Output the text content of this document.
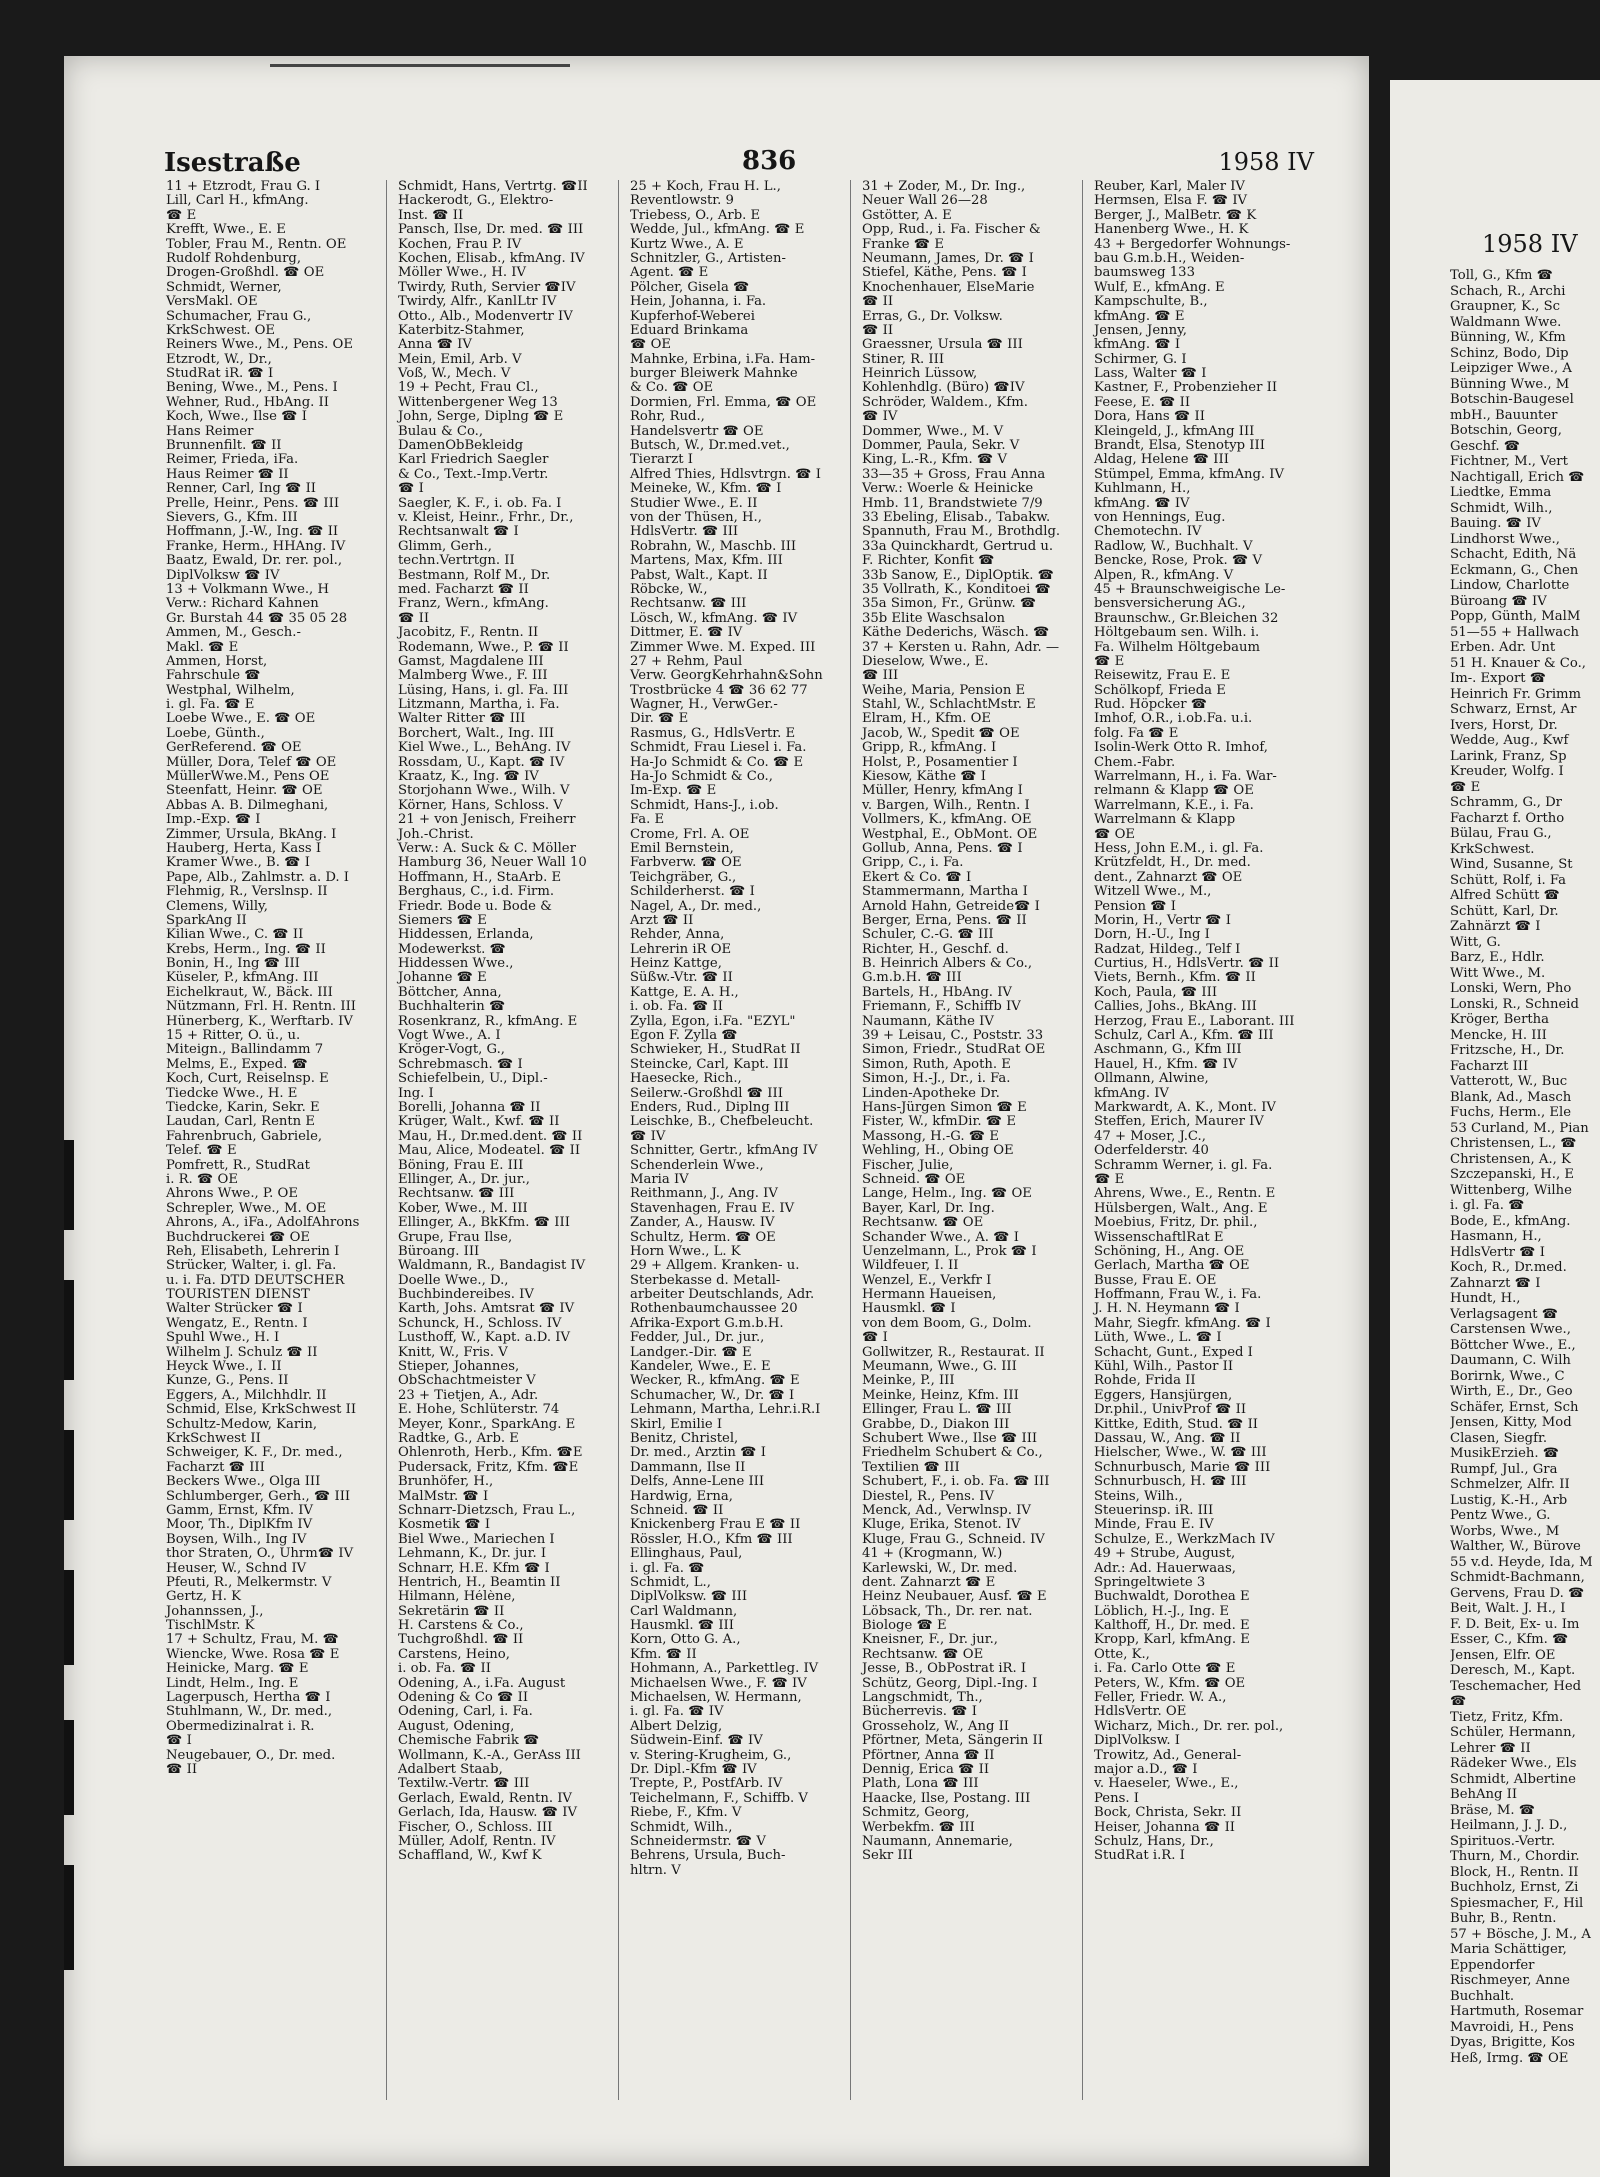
Isestraße	836	1958 IV
11 + Etzrodt, Frau G. I
Lill, Carl H., kfmAng.
☎ E
Krefft, Wwe., E. E
Tobler, Frau M., Rentn. OE
Rudolf Rohdenburg,
Drogen-Großhdl. ☎ OE
Schmidt, Werner,
VersMakl. OE
Schumacher, Frau G.,
KrkSchwest. OE
Reiners Wwe., M., Pens. OE
Etzrodt, W., Dr.,
StudRat iR. ☎ I
Bening, Wwe., M., Pens. I
Wehner, Rud., HbAng. II
Koch, Wwe., Ilse ☎ I
Hans Reimer
Brunnenfilt. ☎ II
Reimer, Frieda, iFa.
Haus Reimer ☎ II
Renner, Carl, Ing ☎ II
Prelle, Heinr., Pens. ☎ III
Sievers, G., Kfm. III
Hoffmann, J.-W., Ing. ☎ II
Franke, Herm., HHAng. IV
Baatz, Ewald, Dr. rer. pol.,
DiplVolksw ☎ IV
13 + Volkmann Wwe., H
Verw.: Richard Kahnen
Gr. Burstah 44 ☎ 35 05 28
Ammen, M., Gesch.-
Makl. ☎ E
Ammen, Horst,
Fahrschule ☎
Westphal, Wilhelm,
i. gl. Fa. ☎ E
Loebe Wwe., E. ☎ OE
Loebe, Günth.,
GerReferend. ☎ OE
Müller, Dora, Telef ☎ OE
MüllerWwe.M., Pens OE
Steenfatt, Heinr. ☎ OE
Abbas A. B. Dilmeghani,
Imp.-Exp. ☎ I
Zimmer, Ursula, BkAng. I
Hauberg, Herta, Kass I
Kramer Wwe., B. ☎ I
Pape, Alb., Zahlmstr. a. D. I
Flehmig, R., Verslnsp. II
Clemens, Willy,
SparkAng II
Kilian Wwe., C. ☎ II
Krebs, Herm., Ing. ☎ II
Bonin, H., Ing ☎ III
Küseler, P., kfmAng. III
Eichelkraut, W., Bäck. III
Nützmann, Frl. H. Rentn. III
Hünerberg, K., Werftarb. IV
15 + Ritter, O. ü., u.
Miteign., Ballindamm 7
Melms, E., Exped. ☎
Koch, Curt, Reiselnsp. E
Tiedcke Wwe., H. E
Tiedcke, Karin, Sekr. E
Laudan, Carl, Rentn E
Fahrenbruch, Gabriele,
Telef. ☎ E
Pomfrett, R., StudRat
i. R. ☎ OE
Ahrons Wwe., P. OE
Schrepler, Wwe., M. OE
Ahrons, A., iFa., AdolfAhrons
Buchdruckerei ☎ OE
Reh, Elisabeth, Lehrerin I
Strücker, Walter, i. gl. Fa.
u. i. Fa. DTD DEUTSCHER
TOURISTEN DIENST
Walter Strücker ☎ I
Wengatz, E., Rentn. I
Spuhl Wwe., H. I
Wilhelm J. Schulz ☎ II
Heyck Wwe., I. II
Kunze, G., Pens. II
Eggers, A., Milchhdlr. II
Schmid, Else, KrkSchwest II
Schultz-Medow, Karin,
KrkSchwest II
Schweiger, K. F., Dr. med.,
Facharzt ☎ III
Beckers Wwe., Olga III
Schlumberger, Gerh., ☎ III
Gamm, Ernst, Kfm. IV
Moor, Th., DiplKfm IV
Boysen, Wilh., Ing IV
thor Straten, O., Uhrm☎ IV
Heuser, W., Schnd IV
Pfeuti, R., Melkermstr. V
Gertz, H. K
Johannssen, J.,
TischlMstr. K
17 + Schultz, Frau, M. ☎
Wiencke, Wwe. Rosa ☎ E
Heinicke, Marg. ☎ E
Lindt, Helm., Ing. E
Lagerpusch, Hertha ☎ I
Stuhlmann, W., Dr. med.,
Obermedizinalrat i. R.
☎ I
Neugebauer, O., Dr. med.
☎ II
Schmidt, Hans, Vertrtg. ☎II
Hackerodt, G., Elektro-
Inst. ☎ II
Pansch, Ilse, Dr. med. ☎ III
Kochen, Frau P. IV
Kochen, Elisab., kfmAng. IV
Möller Wwe., H. IV
Twirdy, Ruth, Servier ☎IV
Twirdy, Alfr., KanlLtr IV
Otto., Alb., Modenvertr IV
Katerbitz-Stahmer,
Anna ☎ IV
Mein, Emil, Arb. V
Voß, W., Mech. V
19 + Pecht, Frau Cl.,
Wittenbergener Weg 13
John, Serge, Diplng ☎ E
Bulau & Co.,
DamenObBekleidg
Karl Friedrich Saegler
& Co., Text.-Imp.Vertr.
☎ I
Saegler, K. F., i. ob. Fa. I
v. Kleist, Heinr., Frhr., Dr.,
Rechtsanwalt ☎ I
Glimm, Gerh.,
techn.Vertrtgn. II
Bestmann, Rolf M., Dr.
med. Facharzt ☎ II
Franz, Wern., kfmAng.
☎ II
Jacobitz, F., Rentn. II
Rodemann, Wwe., P. ☎ II
Gamst, Magdalene III
Malmberg Wwe., F. III
Lüsing, Hans, i. gl. Fa. III
Litzmann, Martha, i. Fa.
Walter Ritter ☎ III
Borchert, Walt., Ing. III
Kiel Wwe., L., BehAng. IV
Rossdam, U., Kapt. ☎ IV
Kraatz, K., Ing. ☎ IV
Storjohann Wwe., Wilh. V
Körner, Hans, Schloss. V
21 + von Jenisch, Freiherr
Joh.-Christ.
Verw.: A. Suck & C. Möller
Hamburg 36, Neuer Wall 10
Hoffmann, H., StaArb. E
Berghaus, C., i.d. Firm.
Friedr. Bode u. Bode &
Siemers ☎ E
Hiddessen, Erlanda,
Modewerkst. ☎
Hiddessen Wwe.,
Johanne ☎ E
Böttcher, Anna,
Buchhalterin ☎
Rosenkranz, R., kfmAng. E
Vogt Wwe., A. I
Kröger-Vogt, G.,
Schrebmasch. ☎ I
Schiefelbein, U., Dipl.-
Ing. I
Borelli, Johanna ☎ II
Krüger, Walt., Kwf. ☎ II
Mau, H., Dr.med.dent. ☎ II
Mau, Alice, Modeatel. ☎ II
Böning, Frau E. III
Ellinger, A., Dr. jur.,
Rechtsanw. ☎ III
Kober, Wwe., M. III
Ellinger, A., BkKfm. ☎ III
Grupe, Frau Ilse,
Büroang. III
Waldmann, R., Bandagist IV
Doelle Wwe., D.,
Buchbindereibes. IV
Karth, Johs. Amtsrat ☎ IV
Schunck, H., Schloss. IV
Lusthoff, W., Kapt. a.D. IV
Knitt, W., Fris. V
Stieper, Johannes,
ObSchachtmeister V
23 + Tietjen, A., Adr.
E. Hohe, Schlüterstr. 74
Meyer, Konr., SparkAng. E
Radtke, G., Arb. E
Ohlenroth, Herb., Kfm. ☎E
Pudersack, Fritz, Kfm. ☎E
Brunhöfer, H.,
MalMstr. ☎ I
Schnarr-Dietzsch, Frau L.,
Kosmetik ☎ I
Biel Wwe., Mariechen I
Lehmann, K., Dr. jur. I
Schnarr, H.E. Kfm ☎ I
Hentrich, H., Beamtin II
Hilmann, Hélène,
Sekretärin ☎ II
H. Carstens & Co.,
Tuchgroßhdl. ☎ II
Carstens, Heino,
i. ob. Fa. ☎ II
Odening, A., i.Fa. August
Odening & Co ☎ II
Odening, Carl, i. Fa.
August, Odening,
Chemische Fabrik ☎
Wollmann, K.-A., GerAss III
Adalbert Staab,
Textilw.-Vertr. ☎ III
Gerlach, Ewald, Rentn. IV
Gerlach, Ida, Hausw. ☎ IV
Fischer, O., Schloss. III
Müller, Adolf, Rentn. IV
Schaffland, W., Kwf K
25 + Koch, Frau H. L.,
Reventlowstr. 9
Triebess, O., Arb. E
Wedde, Jul., kfmAng. ☎ E
Kurtz Wwe., A. E
Schnitzler, G., Artisten-
Agent. ☎ E
Pölcher, Gisela ☎
Hein, Johanna, i. Fa.
Kupferhof-Weberei
Eduard Brinkama
☎ OE
Mahnke, Erbina, i.Fa. Ham-
burger Bleiwerk Mahnke
& Co. ☎ OE
Dormien, Frl. Emma, ☎ OE
Rohr, Rud.,
Handelsvertr ☎ OE
Butsch, W., Dr.med.vet.,
Tierarzt I
Alfred Thies, Hdlsvtrgn. ☎ I
Meineke, W., Kfm. ☎ I
Studier Wwe., E. II
von der Thüsen, H.,
HdlsVertr. ☎ III
Robrahn, W., Maschb. III
Martens, Max, Kfm. III
Pabst, Walt., Kapt. II
Röbcke, W.,
Rechtsanw. ☎ III
Lösch, W., kfmAng. ☎ IV
Dittmer, E. ☎ IV
Zimmer Wwe. M. Exped. III
27 + Rehm, Paul
Verw. GeorgKehrhahn&Sohn
Trostbrücke 4 ☎ 36 62 77
Wagner, H., VerwGer.-
Dir. ☎ E
Rasmus, G., HdlsVertr. E
Schmidt, Frau Liesel i. Fa.
Ha-Jo Schmidt & Co. ☎ E
Ha-Jo Schmidt & Co.,
Im-Exp. ☎ E
Schmidt, Hans-J., i.ob.
Fa. E
Crome, Frl. A. OE
Emil Bernstein,
Farbverw. ☎ OE
Teichgräber, G.,
Schilderherst. ☎ I
Nagel, A., Dr. med.,
Arzt ☎ II
Rehder, Anna,
Lehrerin iR OE
Heinz Kattge,
Süßw.-Vtr. ☎ II
Kattge, E. A. H.,
i. ob. Fa. ☎ II
Zylla, Egon, i.Fa. "EZYL"
Egon F. Zylla ☎
Schwieker, H., StudRat II
Steincke, Carl, Kapt. III
Haesecke, Rich.,
Seilerw.-Großhdl ☎ III
Enders, Rud., Diplng III
Leischke, B., Chefbeleucht.
☎ IV
Schnitter, Gertr., kfmAng IV
Schenderlein Wwe.,
Maria IV
Reithmann, J., Ang. IV
Stavenhagen, Frau E. IV
Zander, A., Hausw. IV
Schultz, Herm. ☎ OE
Horn Wwe., L. K
29 + Allgem. Kranken- u.
Sterbekasse d. Metall-
arbeiter Deutschlands, Adr.
Rothenbaumchaussee 20
Afrika-Export G.m.b.H.
Fedder, Jul., Dr. jur.,
Landger.-Dir. ☎ E
Kandeler, Wwe., E. E
Wecker, R., kfmAng. ☎ E
Schumacher, W., Dr. ☎ I
Lehmann, Martha, Lehr.i.R.I
Skirl, Emilie I
Benitz, Christel,
Dr. med., Ärztin ☎ I
Dammann, Ilse II
Delfs, Anne-Lene III
Hardwig, Erna,
Schneid. ☎ II
Knickenberg Frau E ☎ II
Rössler, H.O., Kfm ☎ III
Ellinghaus, Paul,
i. gl. Fa. ☎
Schmidt, L.,
DiplVolksw. ☎ III
Carl Waldmann,
Hausmkl. ☎ III
Korn, Otto G. A.,
Kfm. ☎ II
Hohmann, A., Parkettleg. IV
Michaelsen Wwe., F. ☎ IV
Michaelsen, W. Hermann,
i. gl. Fa. ☎ IV
Albert Delzig,
Südwein-Einf. ☎ IV
v. Stering-Krugheim, G.,
Dr. Dipl.-Kfm ☎ IV
Trepte, P., PostfArb. IV
Teichelmann, F., Schiffb. V
Riebe, F., Kfm. V
Schmidt, Wilh.,
Schneidermstr. ☎ V
Behrens, Ursula, Buch-
hltrn. V
31 + Zoder, M., Dr. Ing.,
Neuer Wall 26—28
Gstötter, A. E
Opp, Rud., i. Fa. Fischer &
Franke ☎ E
Neumann, James, Dr. ☎ I
Stiefel, Käthe, Pens. ☎ I
Knochenhauer, ElseMarie
☎ II
Erras, G., Dr. Volksw.
☎ II
Graessner, Ursula ☎ III
Stiner, R. III
Heinrich Lüssow,
Kohlenhdlg. (Büro) ☎IV
Schröder, Waldem., Kfm.
☎ IV
Dommer, Wwe., M. V
Dommer, Paula, Sekr. V
King, L.-R., Kfm. ☎ V
33—35 + Gross, Frau Anna
Verw.: Woerle & Heinicke
Hmb. 11, Brandstwiete 7/9
33 Ebeling, Elisab., Tabakw.
Spannuth, Frau M., Brothdlg.
33a Quinckhardt, Gertrud u.
F. Richter, Konfit ☎
33b Sanow, E., DiplOptik. ☎
35 Vollrath, K., Konditoei ☎
35a Simon, Fr., Grünw. ☎
35b Elite Waschsalon
Käthe Dederichs, Wäsch. ☎
37 + Kersten u. Rahn, Adr. —
Dieselow, Wwe., E.
☎ III
Weihe, Maria, Pension E
Stahl, W., SchlachtMstr. E
Elram, H., Kfm. OE
Jacob, W., Spedit ☎ OE
Gripp, R., kfmAng. I
Holst, P., Posamentier I
Kiesow, Käthe ☎ I
Müller, Henry, kfmAng I
v. Bargen, Wilh., Rentn. I
Vollmers, K., kfmAng. OE
Westphal, E., ObMont. OE
Gollub, Anna, Pens. ☎ I
Gripp, C., i. Fa.
Ekert & Co. ☎ I
Stammermann, Martha I
Arnold Hahn, Getreide☎ I
Berger, Erna, Pens. ☎ II
Schuler, C.-G. ☎ III
Richter, H., Geschf. d.
B. Heinrich Albers & Co.,
G.m.b.H. ☎ III
Bartels, H., HbAng. IV
Friemann, F., Schiffb IV
Naumann, Käthe IV
39 + Leisau, C., Poststr. 33
Simon, Friedr., StudRat OE
Simon, Ruth, Apoth. E
Simon, H.-J., Dr., i. Fa.
Linden-Apotheke Dr.
Hans-Jürgen Simon ☎ E
Fister, W., kfmDir. ☎ E
Massong, H.-G. ☎ E
Wehling, H., Obing OE
Fischer, Julie,
Schneid. ☎ OE
Lange, Helm., Ing. ☎ OE
Bayer, Karl, Dr. Ing.
Rechtsanw. ☎ OE
Schander Wwe., A. ☎ I
Uenzelmann, L., Prok ☎ I
Wildfeuer, I. II
Wenzel, E., Verkfr I
Hermann Haueisen,
Hausmkl. ☎ I
von dem Boom, G., Dolm.
☎ I
Gollwitzer, R., Restaurat. II
Meumann, Wwe., G. III
Meinke, P., III
Meinke, Heinz, Kfm. III
Ellinger, Frau L. ☎ III
Grabbe, D., Diakon III
Schubert Wwe., Ilse ☎ III
Friedhelm Schubert & Co.,
Textilien ☎ III
Schubert, F., i. ob. Fa. ☎ III
Diestel, R., Pens. IV
Menck, Ad., Verwlnsp. IV
Kluge, Erika, Stenot. IV
Kluge, Frau G., Schneid. IV
41 + (Krogmann, W.)
Karlewski, W., Dr. med.
dent. Zahnarzt ☎ E
Heinz Neubauer, Ausf. ☎ E
Löbsack, Th., Dr. rer. nat.
Biologe ☎ E
Kneisner, F., Dr. jur.,
Rechtsanw. ☎ OE
Jesse, B., ObPostrat iR. I
Schütz, Georg, Dipl.-Ing. I
Langschmidt, Th.,
Bücherrevis. ☎ I
Grosseholz, W., Ang II
Pförtner, Meta, Sängerin II
Pförtner, Anna ☎ II
Dennig, Erica ☎ II
Plath, Lona ☎ III
Haacke, Ilse, Postang. III
Schmitz, Georg,
Werbekfm. ☎ III
Naumann, Annemarie,
Sekr III
Reuber, Karl, Maler IV
Hermsen, Elsa F. ☎ IV
Berger, J., MalBetr. ☎ K
Hanenberg Wwe., H. K
43 + Bergedorfer Wohnungs-
bau G.m.b.H., Weiden-
baumsweg 133
Wulf, E., kfmAng. E
Kampschulte, B.,
kfmAng. ☎ E
Jensen, Jenny,
kfmAng. ☎ I
Schirmer, G. I
Lass, Walter ☎ I
Kastner, F., Probenzieher II
Feese, E. ☎ II
Dora, Hans ☎ II
Kleingeld, J., kfmAng III
Brandt, Elsa, Stenotyp III
Aldag, Helene ☎ III
Stümpel, Emma, kfmAng. IV
Kuhlmann, H.,
kfmAng. ☎ IV
von Hennings, Eug.
Chemotechn. IV
Radlow, W., Buchhalt. V
Bencke, Rose, Prok. ☎ V
Alpen, R., kfmAng. V
45 + Braunschweigische Le-
bensversicherung AG.,
Braunschw., Gr.Bleichen 32
Höltgebaum sen. Wilh. i.
Fa. Wilhelm Höltgebaum
☎ E
Reisewitz, Frau E. E
Schölkopf, Frieda E
Rud. Höpcker ☎
Imhof, O.R., i.ob.Fa. u.i.
folg. Fa ☎ E
Isolin-Werk Otto R. Imhof,
Chem.-Fabr.
Warrelmann, H., i. Fa. War-
relmann & Klapp ☎ OE
Warrelmann, K.E., i. Fa.
Warrelmann & Klapp
☎ OE
Hess, John E.M., i. gl. Fa.
Krützfeldt, H., Dr. med.
dent., Zahnarzt ☎ OE
Witzell Wwe., M.,
Pension ☎ I
Morin, H., Vertr ☎ I
Dorn, H.-U., Ing I
Radzat, Hildeg., Telf I
Curtius, H., HdlsVertr. ☎ II
Viets, Bernh., Kfm. ☎ II
Koch, Paula, ☎ III
Callies, Johs., BkAng. III
Herzog, Frau E., Laborant. III
Schulz, Carl A., Kfm. ☎ III
Aschmann, G., Kfm III
Hauel, H., Kfm. ☎ IV
Ollmann, Alwine,
kfmAng. IV
Markwardt, A. K., Mont. IV
Steffen, Erich, Maurer IV
47 + Moser, J.C.,
Oderfelderstr. 40
Schramm Werner, i. gl. Fa.
☎ E
Ahrens, Wwe., E., Rentn. E
Hülsbergen, Walt., Ang. E
Moebius, Fritz, Dr. phil.,
WissenschaftlRat E
Schöning, H., Ang. OE
Gerlach, Martha ☎ OE
Busse, Frau E. OE
Hoffmann, Frau W., i. Fa.
J. H. N. Heymann ☎ I
Mahr, Siegfr. kfmAng. ☎ I
Lüth, Wwe., L. ☎ I
Schacht, Gunt., Exped I
Kühl, Wilh., Pastor II
Rohde, Frida II
Eggers, Hansjürgen,
Dr.phil., UnivProf ☎ II
Kittke, Edith, Stud. ☎ II
Dassau, W., Ang. ☎ II
Hielscher, Wwe., W. ☎ III
Schnurbusch, Marie ☎ III
Schnurbusch, H. ☎ III
Steins, Wilh.,
Steuerinsp. iR. III
Minde, Frau E. IV
Schulze, E., WerkzMach IV
49 + Strube, August,
Adr.: Ad. Hauerwaas,
Springeltwiete 3
Buchwaldt, Dorothea E
Löblich, H.-J., Ing. E
Kalthoff, H., Dr. med. E
Kropp, Karl, kfmAng. E
Otte, K.,
i. Fa. Carlo Otte ☎ E
Peters, W., Kfm. ☎ OE
Feller, Friedr. W. A.,
HdlsVertr. OE
Wicharz, Mich., Dr. rer. pol.,
DiplVolksw. I
Trowitz, Ad., General-
major a.D., ☎ I
v. Haeseler, Wwe., E.,
Pens. I
Bock, Christa, Sekr. II
Heiser, Johanna ☎ II
Schulz, Hans, Dr.,
StudRat i.R. I
1958 IV
Toll, G., Kfm ☎
Schach, R., Archi
Graupner, K., Sc
Waldmann Wwe.
Bünning, W., Kfm
Schinz, Bodo, Dip
Leipziger Wwe., A
Bünning Wwe., M
Botschin-Baugesel
mbH., Bauunter
Botschin, Georg,
Geschf. ☎
Fichtner, M., Vert
Nachtigall, Erich ☎
Liedtke, Emma
Schmidt, Wilh.,
Bauing. ☎ IV
Lindhorst Wwe.,
Schacht, Edith, Nä
Eckmann, G., Chen
Lindow, Charlotte
Büroang ☎ IV
Popp, Günth, MalM
51—55 + Hallwach
Erben. Adr. Unt
51 H. Knauer & Co.,
Im-. Export ☎
Heinrich Fr. Grimm
Schwarz, Ernst, Ar
Ivers, Horst, Dr.
Wedde, Aug., Kwf
Larink, Franz, Sp
Kreuder, Wolfg. I
☎ E
Schramm, G., Dr
Facharzt f. Ortho
Bülau, Frau G.,
KrkSchwest.
Wind, Susanne, St
Schütt, Rolf, i. Fa
Alfred Schütt ☎
Schütt, Karl, Dr.
Zahnärzt ☎ I
Witt, G.
Barz, E., Hdlr.
Witt Wwe., M.
Lonski, Wern, Pho
Lonski, R., Schneid
Kröger, Bertha
Mencke, H. III
Fritzsche, H., Dr.
Facharzt III
Vatterott, W., Buc
Blank, Ad., Masch
Fuchs, Herm., Ele
53 Curland, M., Pian
Christensen, L., ☎
Christensen, A., K
Szczepanski, H., E
Wittenberg, Wilhe
i. gl. Fa. ☎
Bode, E., kfmAng.
Hasmann, H.,
HdlsVertr ☎ I
Koch, R., Dr.med.
Zahnarzt ☎ I
Hundt, H.,
Verlagsagent ☎
Carstensen Wwe.,
Böttcher Wwe., E.,
Daumann, C. Wilh
Borirnk, Wwe., C
Wirth, E., Dr., Geo
Schäfer, Ernst, Sch
Jensen, Kitty, Mod
Clasen, Siegfr.
MusikErzieh. ☎
Rumpf, Jul., Gra
Schmelzer, Alfr. II
Lustig, K.-H., Arb
Pentz Wwe., G.
Worbs, Wwe., M
Walther, W., Bürove
55 v.d. Heyde, Ida, M
Schmidt-Bachmann,
Gervens, Frau D. ☎
Beit, Walt. J. H., I
F. D. Beit, Ex- u. Im
Esser, C., Kfm. ☎
Jensen, Elfr. OE
Deresch, M., Kapt.
Teschemacher, Hed
☎
Tietz, Fritz, Kfm.
Schüler, Hermann,
Lehrer ☎ II
Rädeker Wwe., Els
Schmidt, Albertine
BehAng II
Bräse, M. ☎
Heilmann, J. J. D.,
Spirituos.-Vertr.
Thurn, M., Chordir.
Block, H., Rentn. II
Buchholz, Ernst, Zi
Spiesmacher, F., Hil
Buhr, B., Rentn.
57 + Bösche, J. M., A
Maria Schättiger,
Eppendorfer
Rischmeyer, Anne
Buchhalt.
Hartmuth, Rosemar
Mavroidi, H., Pens
Dyas, Brigitte, Kos
Heß, Irmg. ☎ OE
